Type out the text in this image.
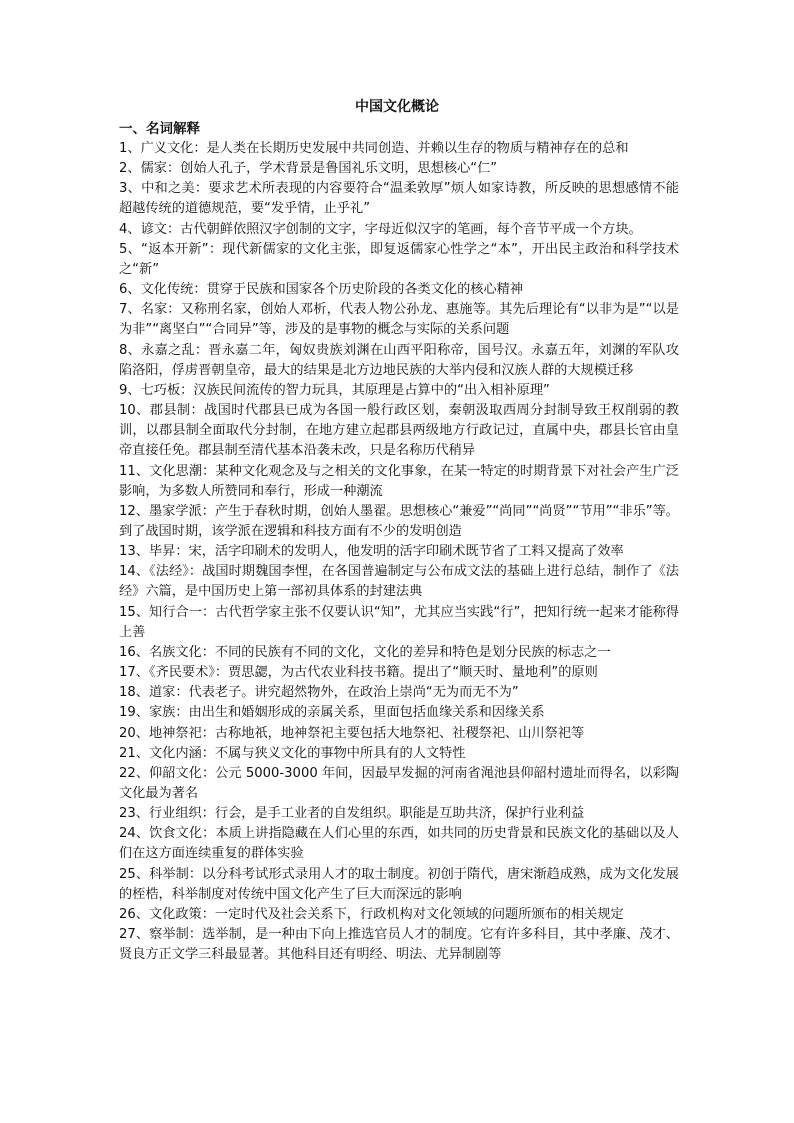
中国文化概论
一、名词解释

1、广义文化：是人类在长期历史发展中共同创造、并赖以生存的物质与精神存在的总和

2、儒家：创始人孔子，学术背景是鲁国礼乐文明，思想核心“仁”

3、中和之美：要求艺术所表现的内容要符合“温柔敦厚”烦人如家诗教，所反映的思想感情不能超越传统的道德规范，要“发乎情，止乎礼”

4、谚文：古代朝鲜依照汉字创制的文字，字母近似汉字的笔画，每个音节平成一个方块。

5、“返本开新”：现代新儒家的文化主张，即复返儒家心性学之“本”，开出民主政治和科学技术之“新”

6、文化传统：贯穿于民族和国家各个历史阶段的各类文化的核心精神

7、名家：又称刑名家，创始人邓析，代表人物公孙龙、惠施等。其先后理论有“以非为是”“以是为非”“离坚白”“合同异”等，涉及的是事物的概念与实际的关系问题

8、永嘉之乱：晋永嘉二年，匈奴贵族刘渊在山西平阳称帝，国号汉。永嘉五年，刘渊的军队攻陷洛阳，俘虏晋朝皇帝，最大的结果是北方边地民族的大举内侵和汉族人群的大规模迁移

9、七巧板：汉族民间流传的智力玩具，其原理是占算中的“出入相补原理”

10、郡县制：战国时代郡县已成为各国一般行政区划，秦朝汲取西周分封制导致王权削弱的教训，以郡县制全面取代分封制，在地方建立起郡县两级地方行政记过，直属中央，郡县长官由皇帝直接任免。郡县制至清代基本沿袭未改，只是名称历代稍异

11、文化思潮：某种文化观念及与之相关的文化事象，在某一特定的时期背景下对社会产生广泛影响，为多数人所赞同和奉行，形成一种潮流

12、墨家学派：产生于春秋时期，创始人墨翟。思想核心“兼爱”“尚同”“尚贤”“节用”“非乐”等。到了战国时期，该学派在逻辑和科技方面有不少的发明创造

13、毕昇：宋，活字印刷术的发明人，他发明的活字印刷术既节省了工料又提高了效率

14、《法经》：战国时期魏国李悝，在各国普遍制定与公布成文法的基础上进行总结，制作了《法经》六篇，是中国历史上第一部初具体系的封建法典

15、知行合一：古代哲学家主张不仅要认识“知”，尤其应当实践“行”，把知行统一起来才能称得上善

16、名族文化：不同的民族有不同的文化，文化的差异和特色是划分民族的标志之一

17、《齐民要术》：贾思勰，为古代农业科技书籍。提出了“顺天时、量地利”的原则

18、道家：代表老子。讲究超然物外，在政治上崇尚“无为而无不为”

19、家族：由出生和婚姻形成的亲属关系，里面包括血缘关系和因缘关系

20、地神祭祀：古称地祇，地神祭祀主要包括大地祭祀、社稷祭祀、山川祭祀等

21、文化内涵：不属与狭义文化的事物中所具有的人文特性

22、仰韶文化：公元 5000-3000 年间，因最早发掘的河南省渑池县仰韶村遗址而得名，以彩陶文化最为著名

23、行业组织：行会，是手工业者的自发组织。职能是互助共济，保护行业利益

24、饮食文化：本质上讲指隐藏在人们心里的东西，如共同的历史背景和民族文化的基础以及人们在这方面连续重复的群体实验

25、科举制：以分科考试形式录用人才的取士制度。初创于隋代，唐宋渐趋成熟，成为文化发展的桎梏，科举制度对传统中国文化产生了巨大而深远的影响

26、文化政策：一定时代及社会关系下，行政机构对文化领域的问题所颁布的相关规定

27、察举制：选举制，是一种由下向上推选官员人才的制度。它有许多科目，其中孝廉、茂才、贤良方正文学三科最显著。其他科目还有明经、明法、尤异制剧等
